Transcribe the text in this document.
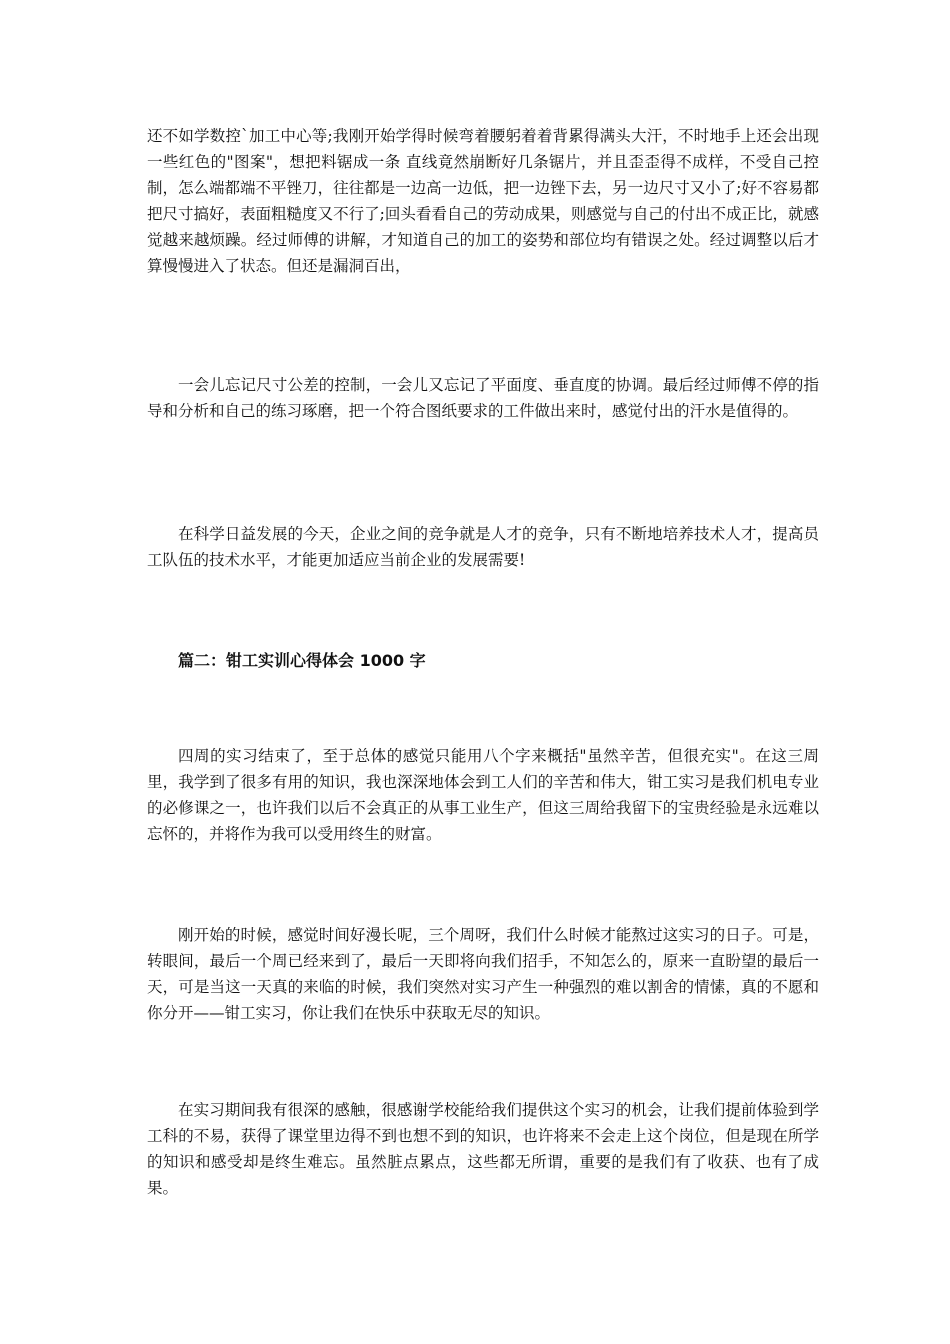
还不如学数控`加工中心等;我刚开始学得时候弯着腰躬着着背累得满头大汗，不时地手上还会出现一些红色的"图案"，想把料锯成一条 直线竟然崩断好几条锯片，并且歪歪得不成样，不受自己控制，怎么端都端不平锉刀，往往都是一边高一边低，把一边锉下去，另一边尺寸又小了;好不容易都把尺寸搞好，表面粗糙度又不行了;回头看看自己的劳动成果，则感觉与自己的付出不成正比，就感觉越来越烦躁。经过师傅的讲解，才知道自己的加工的姿势和部位均有错误之处。经过调整以后才算慢慢进入了状态。但还是漏洞百出，

一会儿忘记尺寸公差的控制，一会儿又忘记了平面度、垂直度的协调。最后经过师傅不停的指导和分析和自己的练习琢磨，把一个符合图纸要求的工件做出来时，感觉付出的汗水是值得的。

在科学日益发展的今天，企业之间的竞争就是人才的竞争，只有不断地培养技术人才，提高员工队伍的技术水平，才能更加适应当前企业的发展需要!

篇二：钳工实训心得体会 1000 字

四周的实习结束了，至于总体的感觉只能用八个字来概括"虽然辛苦，但很充实"。在这三周里，我学到了很多有用的知识，我也深深地体会到工人们的辛苦和伟大，钳工实习是我们机电专业的必修课之一，也许我们以后不会真正的从事工业生产，但这三周给我留下的宝贵经验是永远难以忘怀的，并将作为我可以受用终生的财富。

刚开始的时候，感觉时间好漫长呢，三个周呀，我们什么时候才能熬过这实习的日子。可是，转眼间，最后一个周已经来到了，最后一天即将向我们招手，不知怎么的，原来一直盼望的最后一天，可是当这一天真的来临的时候，我们突然对实习产生一种强烈的难以割舍的情愫，真的不愿和你分开——钳工实习，你让我们在快乐中获取无尽的知识。

在实习期间我有很深的感触，很感谢学校能给我们提供这个实习的机会，让我们提前体验到学工科的不易，获得了课堂里边得不到也想不到的知识，也许将来不会走上这个岗位，但是现在所学的知识和感受却是终生难忘。虽然脏点累点，这些都无所谓，重要的是我们有了收获、也有了成果。
